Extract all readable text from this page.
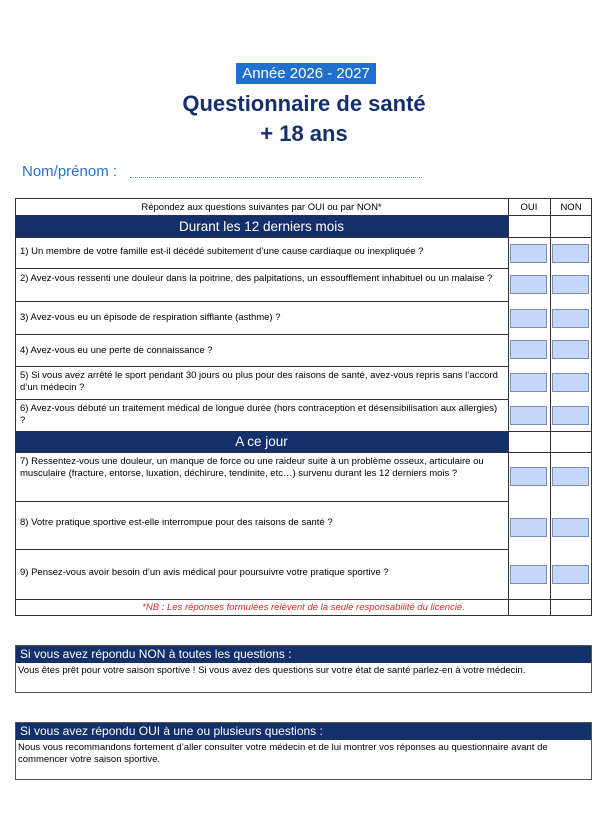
Année 2026 - 2027
Questionnaire de santé
+ 18 ans
Nom/prénom :
Répondez aux questions suivantes par OUI ou par NON*	OUI	NON
Durant les 12 derniers mois
1) Un membre de votre famille est-il décédé subitement d’une cause cardiaque ou inexpliquée ?
2) Avez-vous ressenti une douleur dans la poitrine, des palpitations, un essoufflement inhabituel ou un malaise ?
3) Avez-vous eu un épisode de respiration sifflante (asthme) ?
4) Avez-vous eu une perte de connaissance ?
5) Si vous avez arrêté le sport pendant 30 jours ou plus pour des raisons de santé, avez-vous repris sans l’accord d’un médecin ?
6) Avez-vous débuté un traitement médical de longue durée (hors contraception et désensibilisation aux allergies) ?
A ce jour
7) Ressentez-vous une douleur, un manque de force ou une raideur suite à un problème osseux, articulaire ou musculaire (fracture, entorse, luxation, déchirure, tendinite, etc…) survenu durant les 12 derniers mois ?
8) Votre pratique sportive est-elle interrompue pour des raisons de santé ?
9) Pensez-vous avoir besoin d’un avis médical pour poursuivre votre pratique sportive ?
*NB : Les réponses formulées relèvent de la seule responsabilité du licencié.
Si vous avez répondu NON à toutes les questions :
Vous êtes prêt pour votre saison sportive ! Si vous avez des questions sur votre état de santé parlez-en à votre médecin.
Si vous avez répondu OUI à une ou plusieurs questions :
Nous vous recommandons fortement d’aller consulter votre médecin et de lui montrer vos réponses au questionnaire avant de commencer votre saison sportive.
